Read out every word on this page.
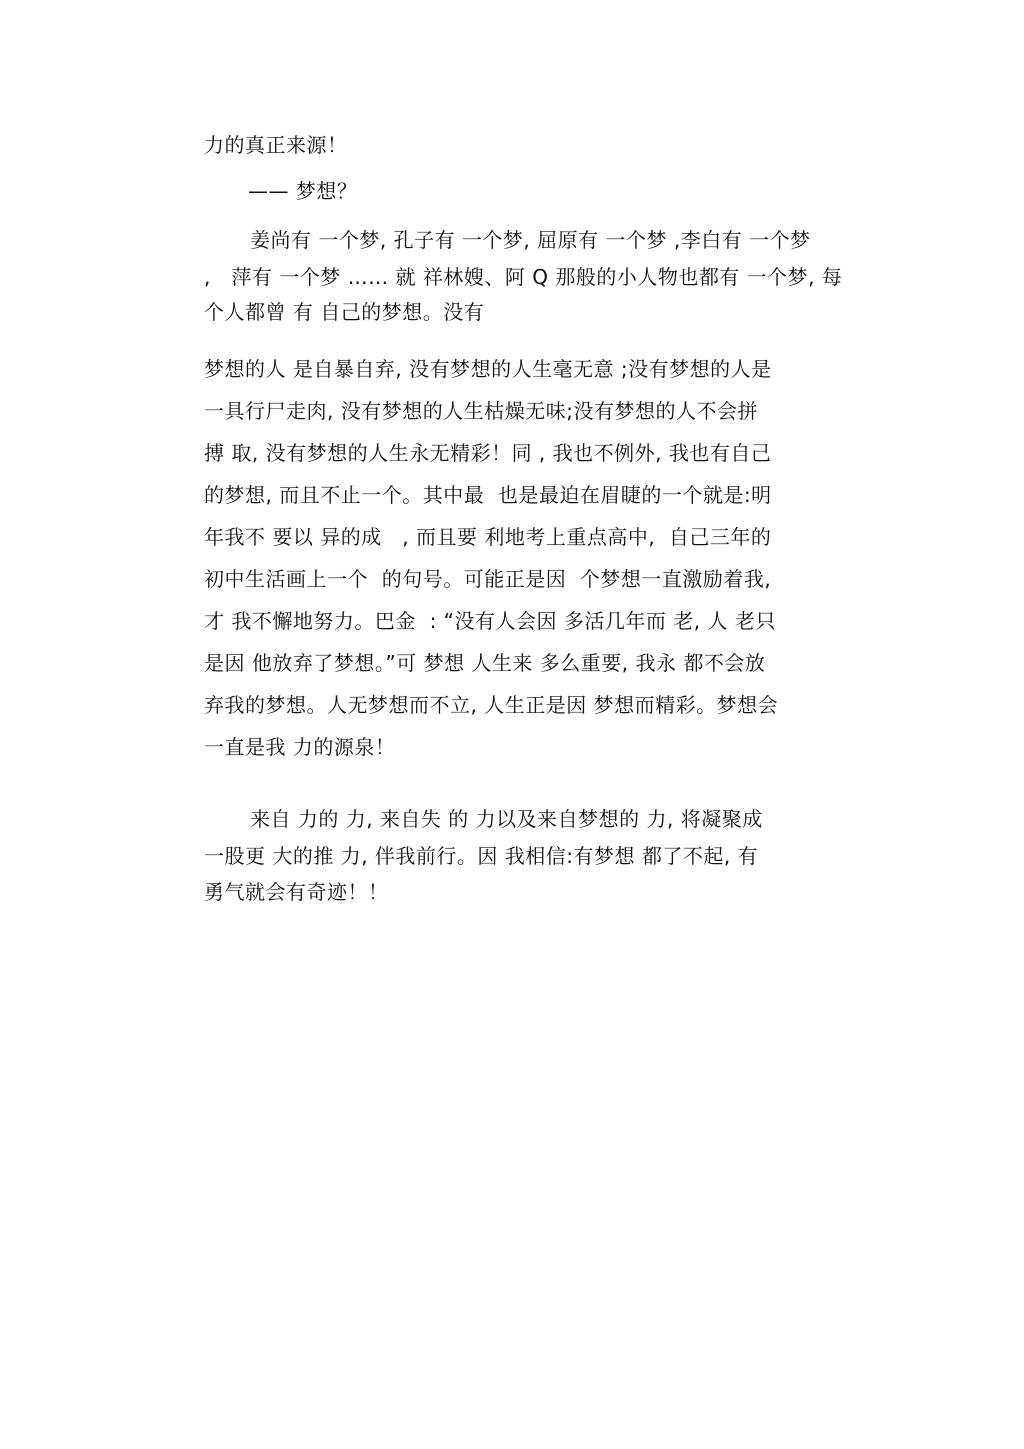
力的真正来源！
—— 梦想？
姜尚有 一个梦, 孔子有 一个梦, 屈原有 一个梦 ,李白有 一个梦
,   萍有 一个梦 …… 就 祥林嫂、阿 Q 那般的小人物也都有 一个梦, 每
个人都曾 有 自己的梦想。没有
梦想的人 是自暴自弃, 没有梦想的人生毫无意 ;没有梦想的人是
一具行尸走肉, 没有梦想的人生枯燥无味;没有梦想的人不会拼
搏 取, 没有梦想的人生永无精彩！同 , 我也不例外, 我也有自己
的梦想, 而且不止一个。其中最  也是最迫在眉睫的一个就是:明
年我不 要以 异的成   , 而且要 利地考上重点高中,  自己三年的
初中生活画上一个  的句号。可能正是因  个梦想一直激励着我,
才 我不懈地努力。巴金  : “没有人会因 多活几年而 老, 人 老只
是因 他放弃了梦想。”可 梦想 人生来 多么重要, 我永 都不会放
弃我的梦想。人无梦想而不立, 人生正是因 梦想而精彩。梦想会
一直是我 力的源泉！
来自 力的 力, 来自失 的 力以及来自梦想的 力, 将凝聚成
一股更 大的推 力, 伴我前行。因 我相信:有梦想 都了不起, 有
勇气就会有奇迹！！
